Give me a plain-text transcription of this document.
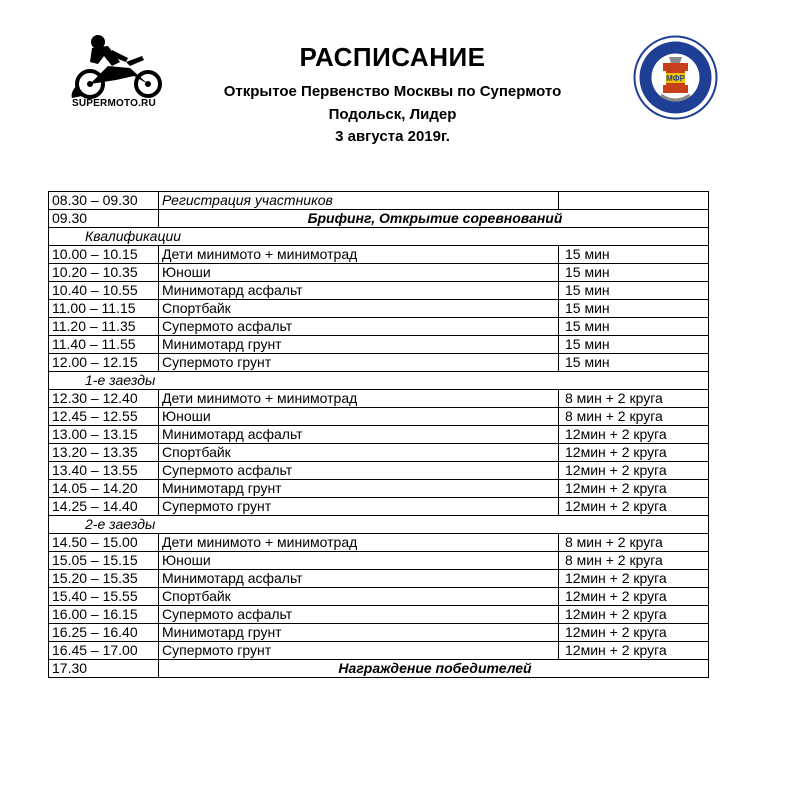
SUPERMOTO.RU
РАСПИСАНИЕ
Открытое Первенство Москвы по Супермото
Подольск, Лидер
3 августа 2019г.
МФР
08.30 – 09.30	Регистрация участников	
09.30	Брифинг, Открытие соревнований	
Квалификации		
10.00 – 10.15	Дети минимото + минимотрад	15 мин
10.20 – 10.35	Юноши	15 мин
10.40 – 10.55	Минимотард асфальт	15 мин
11.00 – 11.15	Спортбайк	15 мин
11.20 – 11.35	Супермото асфальт	15 мин
11.40 – 11.55	Минимотард грунт	15 мин
12.00 – 12.15	Супермото грунт	15 мин
1-е заезды		
12.30 – 12.40	Дети минимото + минимотрад	8 мин + 2 круга
12.45 – 12.55	Юноши	8 мин + 2 круга
13.00 – 13.15	Минимотард асфальт	12мин + 2 круга
13.20 – 13.35	Спортбайк	12мин + 2 круга
13.40 – 13.55	Супермото асфальт	12мин + 2 круга
14.05 – 14.20	Минимотард грунт	12мин + 2 круга
14.25 – 14.40	Супермото грунт	12мин + 2 круга
2-е заезды		
14.50 – 15.00	Дети минимото + минимотрад	8 мин + 2 круга
15.05 – 15.15	Юноши	8 мин + 2 круга
15.20 – 15.35	Минимотард асфальт	12мин + 2 круга
15.40 – 15.55	Спортбайк	12мин + 2 круга
16.00 – 16.15	Супермото асфальт	12мин + 2 круга
16.25 – 16.40	Минимотард грунт	12мин + 2 круга
16.45 – 17.00	Супермото грунт	12мин + 2 круга
17.30	Награждение победителей	
